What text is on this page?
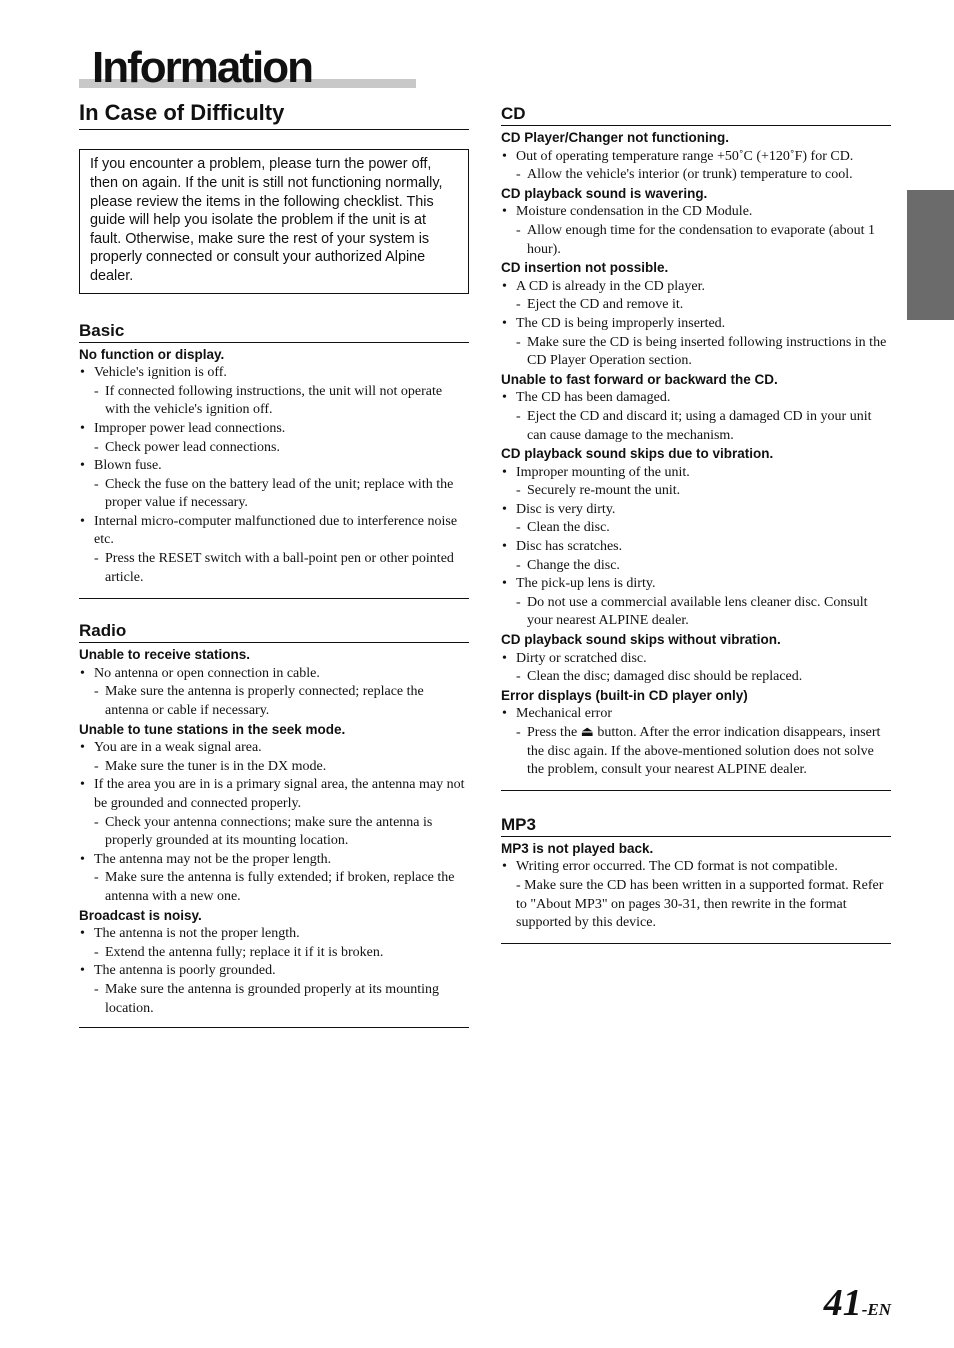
Information
In Case of Difficulty
If you encounter a problem, please turn the power off, then on again. If the unit is still not functioning normally, please review the items in the following checklist. This guide will help you isolate the problem if the unit is at fault. Otherwise, make sure the rest of your system is properly connected or consult your authorized Alpine dealer.
Basic
No function or display.
• Vehicle's ignition is off.
- If connected following instructions, the unit will not operate with the vehicle's ignition off.
• Improper power lead connections.
- Check power lead connections.
• Blown fuse.
- Check the fuse on the battery lead of the unit; replace with the proper value if necessary.
• Internal micro-computer malfunctioned due to interference noise etc.
- Press the RESET switch with a ball-point pen or other pointed article.
Radio
Unable to receive stations.
• No antenna or open connection in cable.
- Make sure the antenna is properly connected; replace the antenna or cable if necessary.
Unable to tune stations in the seek mode.
• You are in a weak signal area.
- Make sure the tuner is in the DX mode.
• If the area you are in is a primary signal area, the antenna may not be grounded and connected properly.
- Check your antenna connections; make sure the antenna is properly grounded at its mounting location.
• The antenna may not be the proper length.
- Make sure the antenna is fully extended; if broken, replace the antenna with a new one.
Broadcast is noisy.
• The antenna is not the proper length.
- Extend the antenna fully; replace it if it is broken.
• The antenna is poorly grounded.
- Make sure the antenna is grounded properly at its mounting location.
CD
CD Player/Changer not functioning.
• Out of operating temperature range +50˚C (+120˚F) for CD.
- Allow the vehicle's interior (or trunk) temperature to cool.
CD playback sound is wavering.
• Moisture condensation in the CD Module.
- Allow enough time for the condensation to evaporate (about 1 hour).
CD insertion not possible.
• A CD is already in the CD player.
- Eject the CD and remove it.
• The CD is being improperly inserted.
- Make sure the CD is being inserted following instructions in the CD Player Operation section.
Unable to fast forward or backward the CD.
• The CD has been damaged.
- Eject the CD and discard it; using a damaged CD in your unit can cause damage to the mechanism.
CD playback sound skips due to vibration.
• Improper mounting of the unit.
- Securely re-mount the unit.
• Disc is very dirty.
- Clean the disc.
• Disc has scratches.
- Change the disc.
• The pick-up lens is dirty.
- Do not use a commercial available lens cleaner disc. Consult your nearest ALPINE dealer.
CD playback sound skips without vibration.
• Dirty or scratched disc.
- Clean the disc; damaged disc should be replaced.
Error displays (built-in CD player only)
• Mechanical error
- Press the ⏏ button. After the error indication disappears, insert the disc again. If the above-mentioned solution does not solve the problem, consult your nearest ALPINE dealer.
MP3
MP3 is not played back.
• Writing error occurred. The CD format is not compatible.
- Make sure the CD has been written in a supported format. Refer to "About MP3" on pages 30-31, then rewrite in the format supported by this device.
41-EN
